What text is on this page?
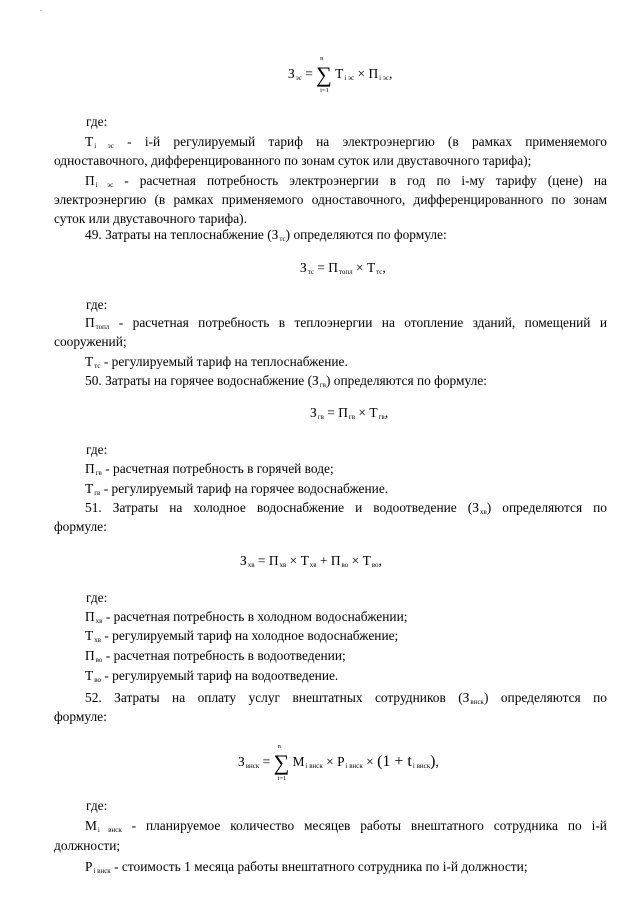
.
$З_{эс}$ =
n
∑
i=1
$T_{i эс} \times П_{i эс}$,
где:
$T_{i эс} - i-й$ регулируемый тариф на электроэнергию (в рамках применяемого
одноставочного, дифференцированного по зонам суток или двуставочного тарифа);
$П_{i эс}$ - расчетная потребность электроэнергии в год по i-му тарифу (цене) на
электроэнергию (в рамках применяемого одноставочного, дифференцированного по зонам
суток или двуставочного тарифа).
49. Затраты на теплоснабжение $(З_{тс})$ определяются по формуле:
$З_{тс} = П_{топл} \times T_{тс}$,
где:
$П_{топл}$ - расчетная потребность в теплоэнергии на отопление зданий, помещений и
сооружений;
$T_{тс}$ - регулируемый тариф на теплоснабжение.
50. Затраты на горячее водоснабжение $(З_{гв})$ определяются по формуле:
$З_{гв} = П_{гв} \times T_{гв}$,
где:
$П_{гв}$ - расчетная потребность в горячей воде;
$T_{гв}$ - регулируемый тариф на горячее водоснабжение.
51. Затраты на холодное водоснабжение и водоотведение $(З_{хв})$ определяются по
формуле:
$З_{хв} = П_{хв} \times T_{хв} + П_{во} \times T_{во}$,
где:
$П_{хв}$ - расчетная потребность в холодном водоснабжении;
$T_{хв}$ - регулируемый тариф на холодное водоснабжение;
$П_{во}$ - расчетная потребность в водоотведении;
$T_{во}$ - регулируемый тариф на водоотведение.
52. Затраты на оплату услуг внештатных сотрудников $(З_{внск})$ определяются по
формуле:
$З_{внск}$ =
n
∑
i=1
$M_{i внск} \times P_{i внск} \times (1 + t_{i внск})$,
где:
$M_{i внск}$ - планируемое количество месяцев работы внештатного сотрудника по i-й
должности;
$P_{i внск}$ - стоимость 1 месяца работы внештатного сотрудника по i-й должности;
